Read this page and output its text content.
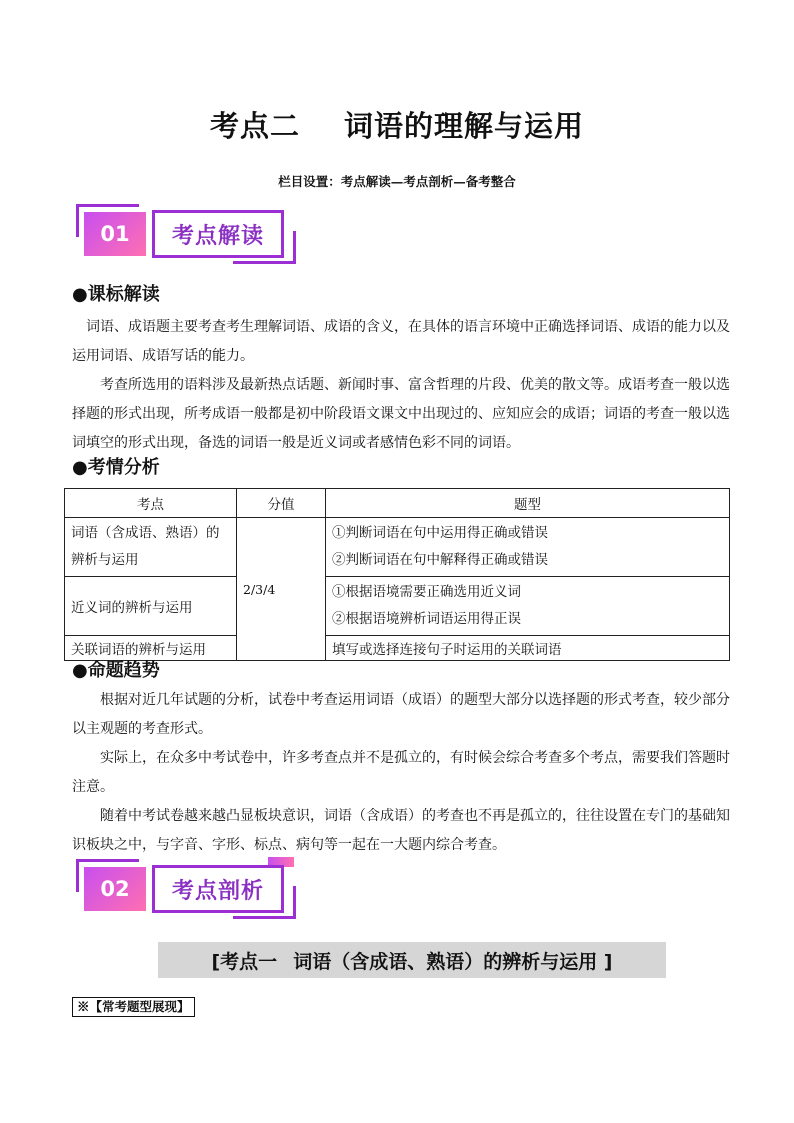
考点二 词语的理解与运用
栏目设置：考点解读—考点剖析—备考整合
01	考点解读
●课标解读

词语、成语题主要考查考生理解词语、成语的含义，在具体的语言环境中正确选择词语、成语的能力以及运用词语、成语写话的能力。

考查所选用的语料涉及最新热点话题、新闻时事、富含哲理的片段、优美的散文等。成语考查一般以选择题的形式出现，所考成语一般都是初中阶段语文课文中出现过的、应知应会的成语；词语的考查一般以选词填空的形式出现，备选的词语一般是近义词或者感情色彩不同的词语。

●考情分析
考点	分值	题型
词语（含成语、熟语）的辨析与运用	2/3/4	①判断词语在句中运用得正确或错误
②判断词语在句中解释得正确或错误

近义词的辨析与运用		①根据语境需要正确选用近义词
②根据语境辨析词语运用得正误

关联词语的辨析与运用		填写或选择连接句子时运用的关联词语
●命题趋势

根据对近几年试题的分析，试卷中考查运用词语（成语）的题型大部分以选择题的形式考查，较少部分以主观题的考查形式。

实际上，在众多中考试卷中，许多考查点并不是孤立的，有时候会综合考查多个考点，需要我们答题时注意。

随着中考试卷越来越凸显板块意识，词语（含成语）的考查也不再是孤立的，往往设置在专门的基础知识板块之中，与字音、字形、标点、病句等一起在一大题内综合考查。

02	考点剖析
[考点一 词语（含成语、熟语）的辨析与运用 ]
※【常考题型展现】
